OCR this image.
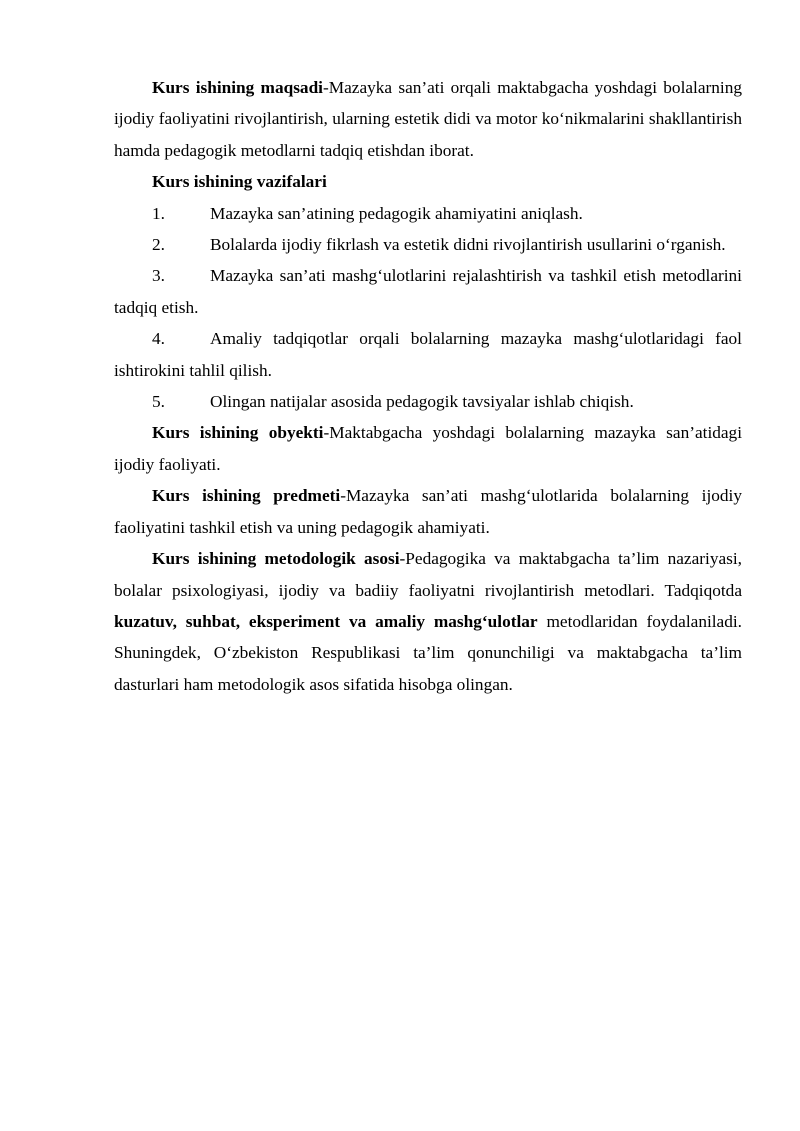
Kurs ishining maqsadi-Mazayka san’ati orqali maktabgacha yoshdagi bolalarning ijodiy faoliyatini rivojlantirish, ularning estetik didi va motor ko‘nikmalarini shakllantirish hamda pedagogik metodlarni tadqiq etishdan iborat.

Kurs ishining vazifalari

1.	Mazayka san’atining pedagogik ahamiyatini aniqlash.

2.	Bolalarda ijodiy fikrlash va estetik didni rivojlantirish usullarini o‘rganish.

3.	Mazayka san’ati mashg‘ulotlarini rejalashtirish va tashkil etish metodlarini tadqiq etish.

4.	Amaliy tadqiqotlar orqali bolalarning mazayka mashg‘ulotlaridagi faol ishtirokini tahlil qilish.

5.	Olingan natijalar asosida pedagogik tavsiyalar ishlab chiqish.

Kurs ishining obyekti-Maktabgacha yoshdagi bolalarning mazayka san’atidagi ijodiy faoliyati.

Kurs ishining predmeti-Mazayka san’ati mashg‘ulotlarida bolalarning ijodiy faoliyatini tashkil etish va uning pedagogik ahamiyati.

Kurs ishining metodologik asosi-Pedagogika va maktabgacha ta’lim nazariyasi, bolalar psixologiyasi, ijodiy va badiiy faoliyatni rivojlantirish metodlari. Tadqiqotda kuzatuv, suhbat, eksperiment va amaliy mashg‘ulotlar metodlaridan foydalaniladi. Shuningdek, O‘zbekiston Respublikasi ta’lim qonunchiligi va maktabgacha ta’lim dasturlari ham metodologik asos sifatida hisobga olingan.
